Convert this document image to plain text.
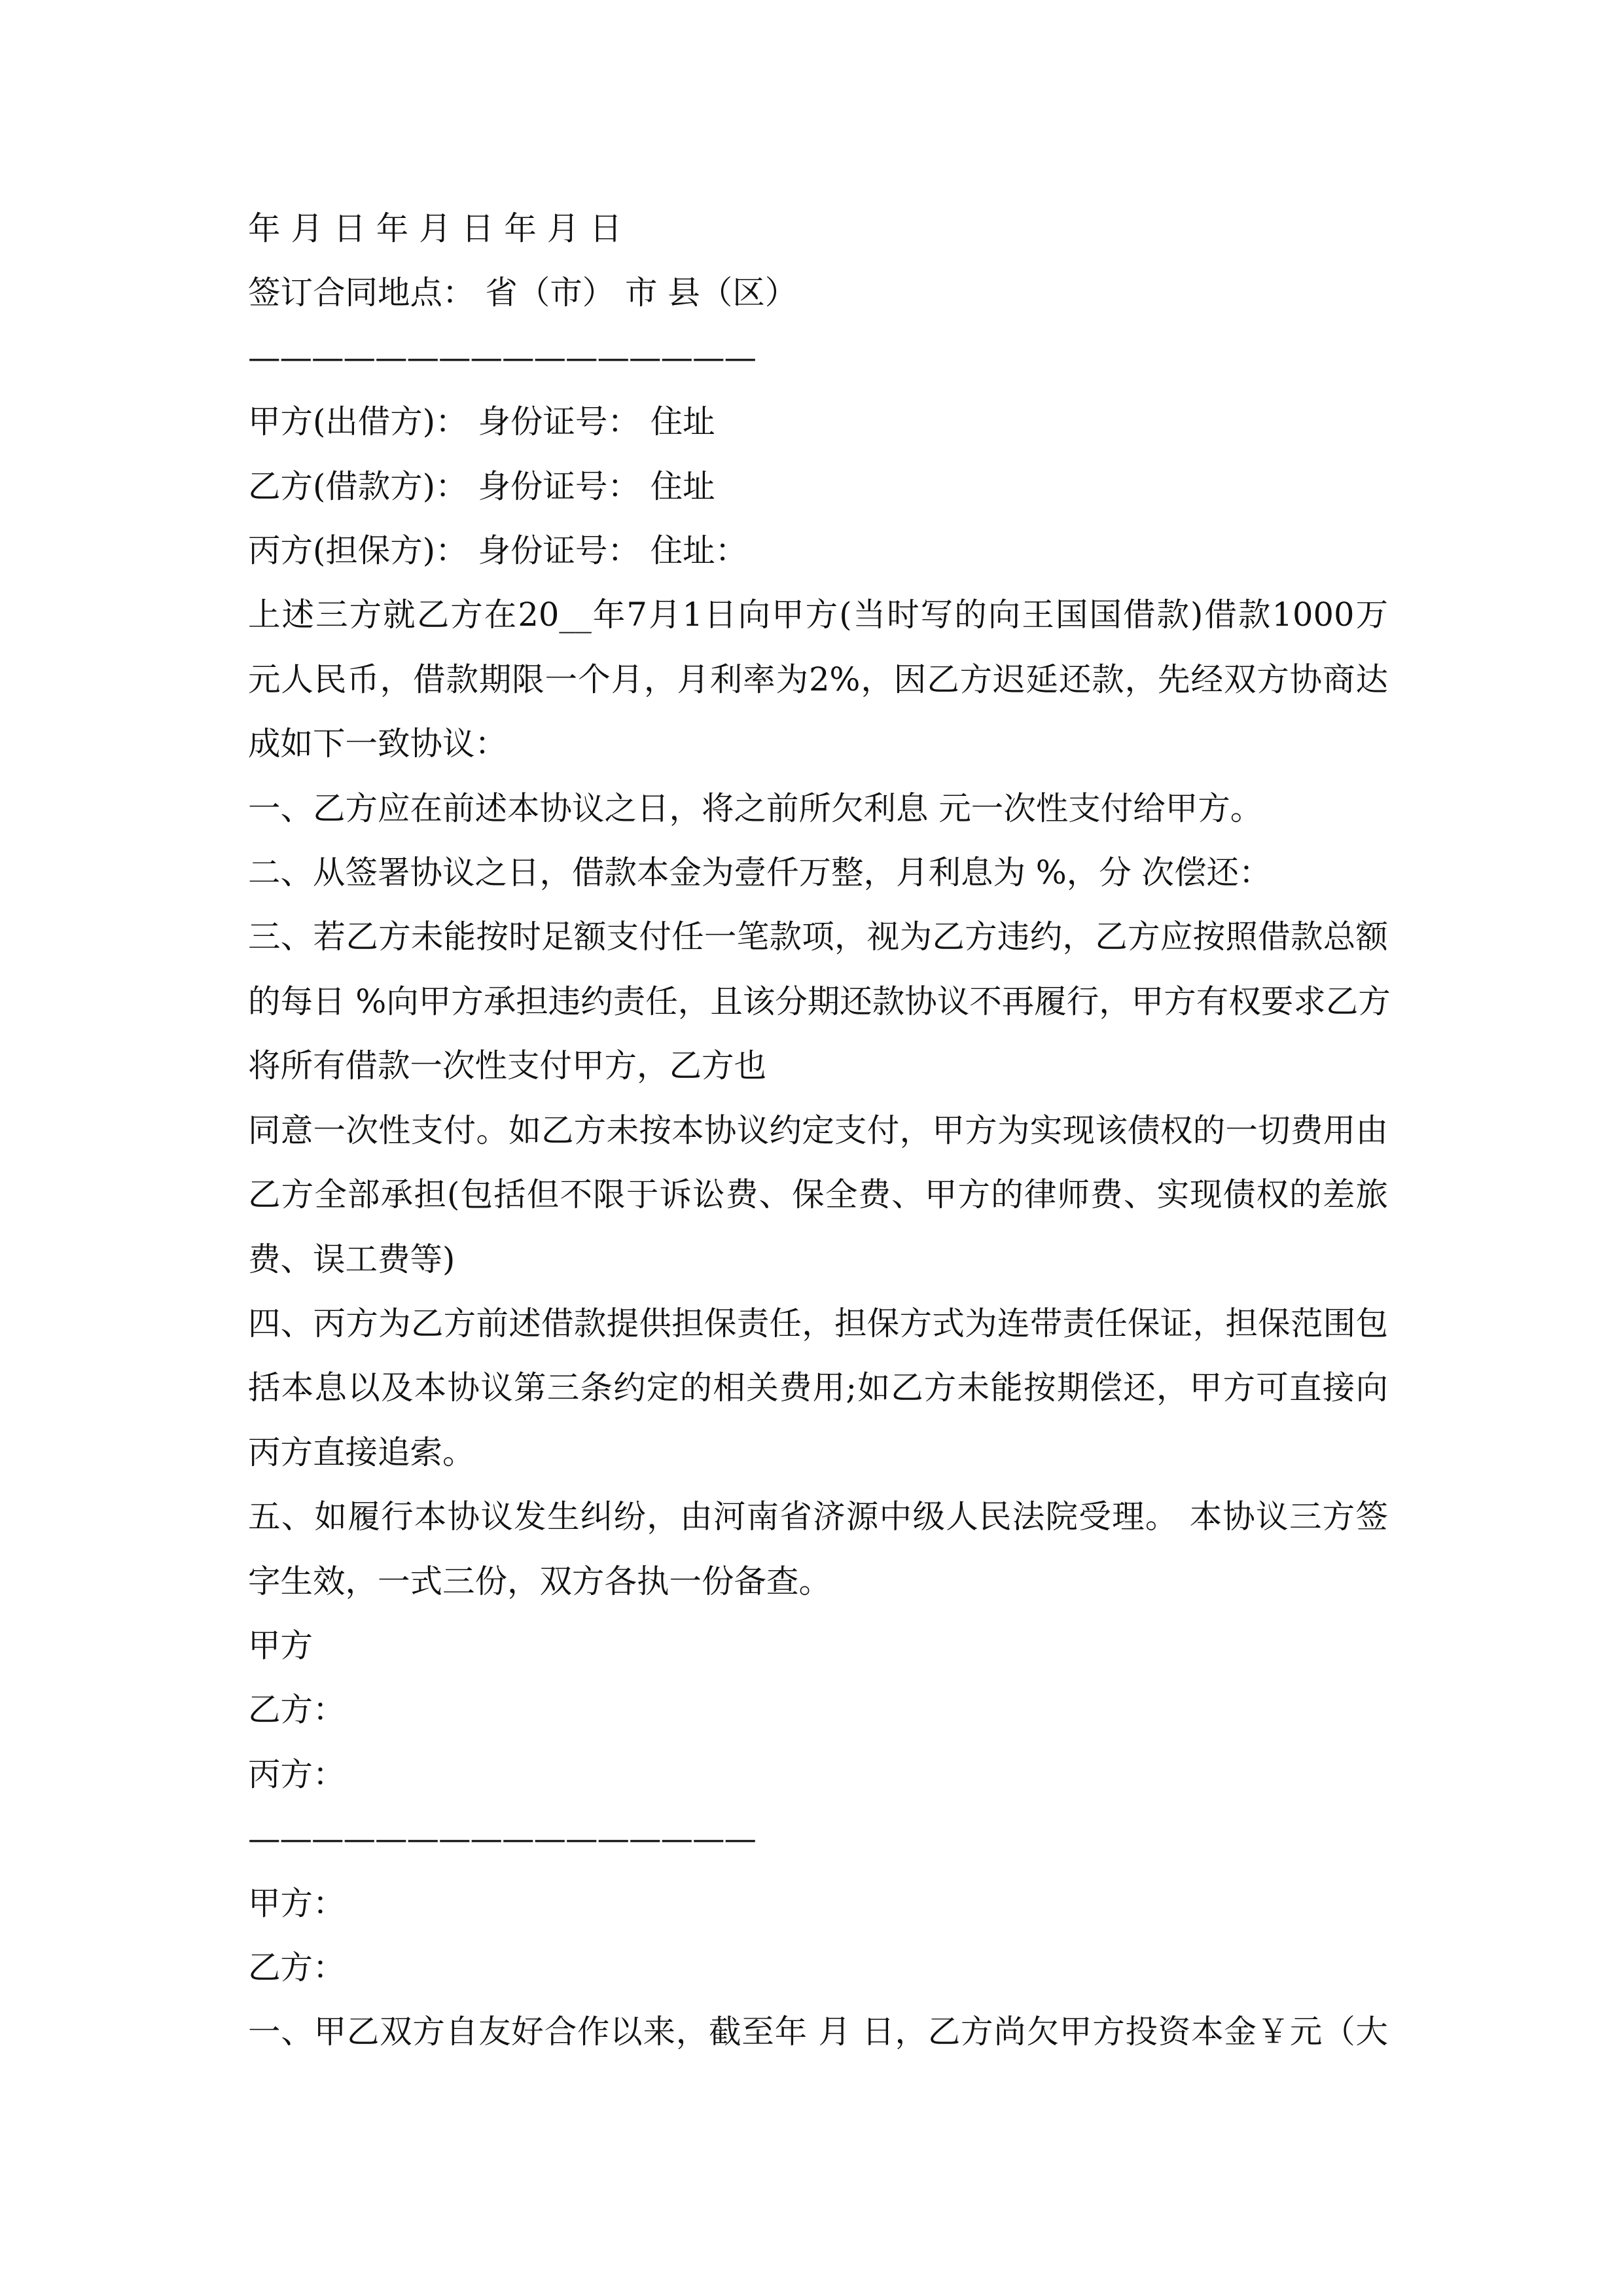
年 月 日 年 月 日 年 月 日
签订合同地点： 省（市） 市 县（区）
————————————————
甲方(出借方)： 身份证号： 住址
乙方(借款方)： 身份证号： 住址
丙方(担保方)： 身份证号： 住址：
上述三方就乙方在20__年7月1日向甲方(当时写的向王国国借款)借款1000万
元人民币，借款期限一个月，月利率为2%，因乙方迟延还款，先经双方协商达
成如下一致协议：
一、乙方应在前述本协议之日，将之前所欠利息 元一次性支付给甲方。
二、从签署协议之日，借款本金为壹仟万整，月利息为 %，分 次偿还：
三、若乙方未能按时足额支付任一笔款项，视为乙方违约，乙方应按照借款总额
的每日 %向甲方承担违约责任，且该分期还款协议不再履行，甲方有权要求乙方
将所有借款一次性支付甲方，乙方也
同意一次性支付。如乙方未按本协议约定支付，甲方为实现该债权的一切费用由
乙方全部承担(包括但不限于诉讼费、保全费、甲方的律师费、实现债权的差旅
费、误工费等)
四、丙方为乙方前述借款提供担保责任，担保方式为连带责任保证，担保范围包
括本息以及本协议第三条约定的相关费用;如乙方未能按期偿还，甲方可直接向
丙方直接追索。
五、如履行本协议发生纠纷，由河南省济源中级人民法院受理。 本协议三方签
字生效，一式三份，双方各执一份备查。
甲方
乙方：
丙方：
————————————————
甲方：
乙方：
一、甲乙双方自友好合作以来，截至年 月 日，乙方尚欠甲方投资本金￥元（大
